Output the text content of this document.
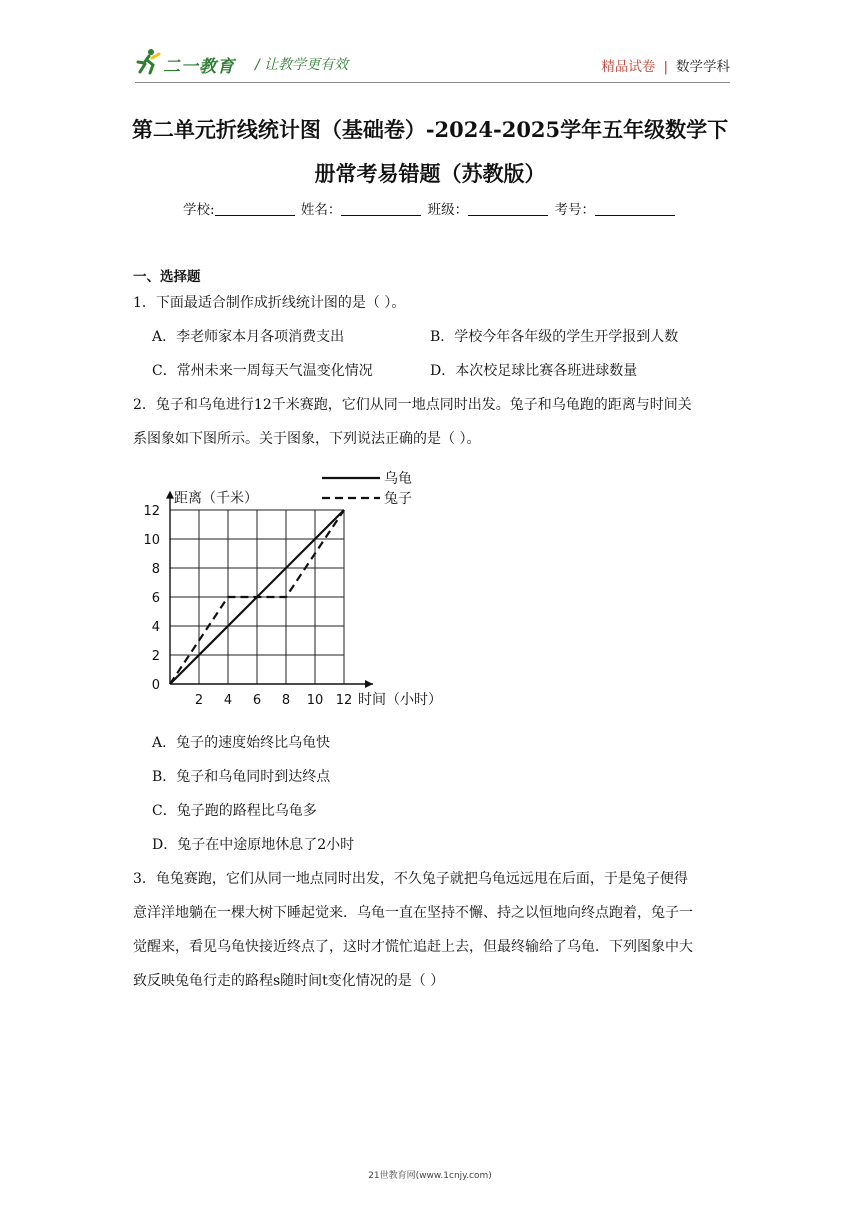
二一教育 / 让教学更有效	精品试卷 | 数学学科
第二单元折线统计图（基础卷）-2024-2025学年五年级数学下
册常考易错题（苏教版）
学校:	姓名：	班级：	考号：
一、选择题
1．下面最适合制作成折线统计图的是（ ）。
A．李老师家本月各项消费支出	B．学校今年各年级的学生开学报到人数
C．常州未来一周每天气温变化情况	D．本次校足球比赛各班进球数量
2．兔子和乌龟进行12千米赛跑，它们从同一地点同时出发。兔子和乌龟跑的距离与时间关
系图象如下图所示。关于图象，下列说法正确的是（ ）。
0
2
4
6
8
10
12
2 4 6 8 10 12
距离（千米）
时间（小时）
乌龟
兔子
A．兔子的速度始终比乌龟快
B．兔子和乌龟同时到达终点
C．兔子跑的路程比乌龟多
D．兔子在中途原地休息了2小时
3．龟兔赛跑，它们从同一地点同时出发，不久兔子就把乌龟远远甩在后面，于是兔子便得
意洋洋地躺在一棵大树下睡起觉来．乌龟一直在坚持不懈、持之以恒地向终点跑着，兔子一
觉醒来，看见乌龟快接近终点了，这时才慌忙追赶上去，但最终输给了乌龟．下列图象中大
致反映兔龟行走的路程s随时间t变化情况的是（ ）
21世教育网(www.1cnjy.com)
